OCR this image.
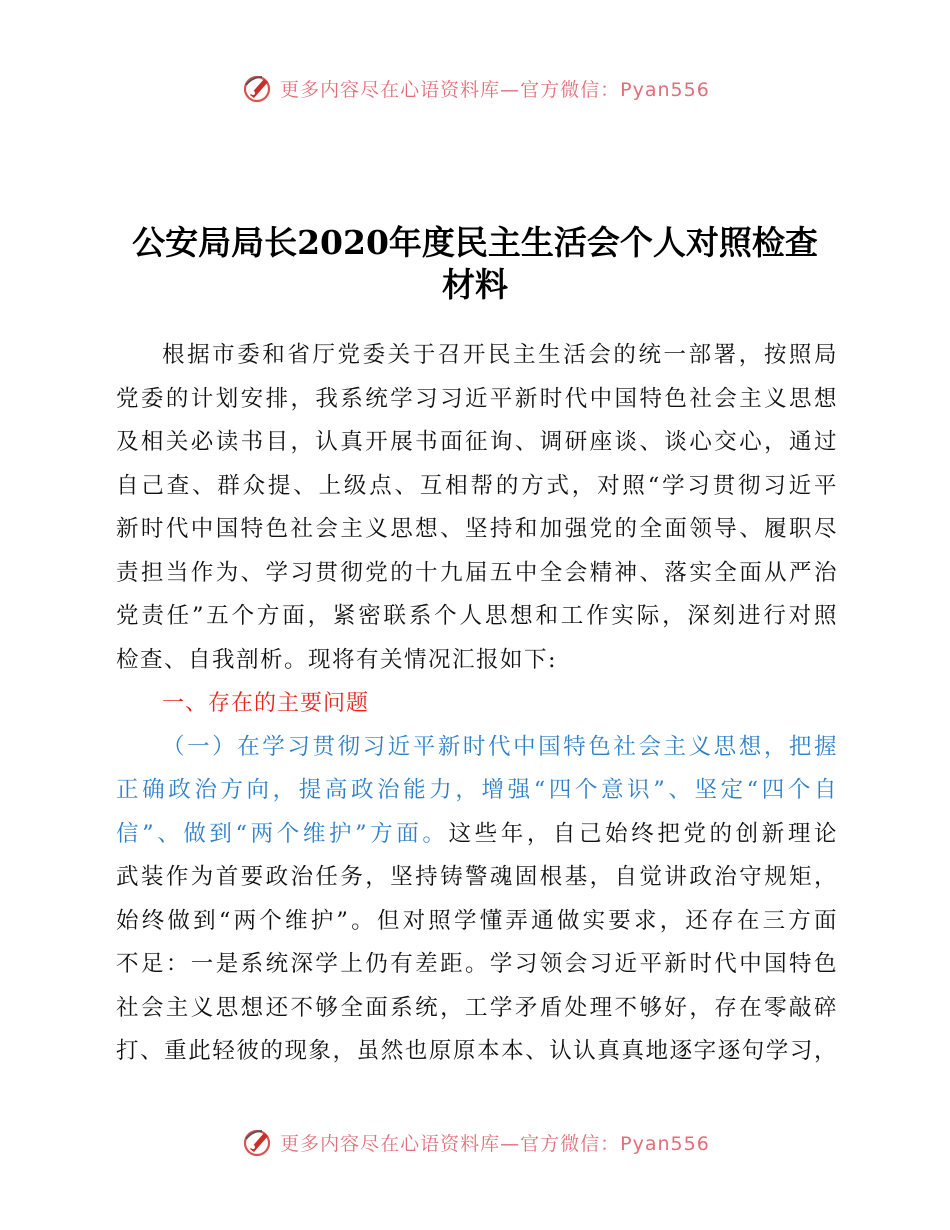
更多内容尽在心语资料库—官方微信：Pyan556
公安局局长2020年度民主生活会个人对照检查
材料
根据市委和省厅党委关于召开民主生活会的统一部署，按照局
党委的计划安排，我系统学习习近平新时代中国特色社会主义思想
及相关必读书目，认真开展书面征询、调研座谈、谈心交心，通过
自己查、群众提、上级点、互相帮的方式，对照“学习贯彻习近平
新时代中国特色社会主义思想、坚持和加强党的全面领导、履职尽
责担当作为、学习贯彻党的十九届五中全会精神、落实全面从严治
党责任”五个方面，紧密联系个人思想和工作实际，深刻进行对照
检查、自我剖析。现将有关情况汇报如下:
一、存在的主要问题
（一）在学习贯彻习近平新时代中国特色社会主义思想，把握
正确政治方向，提高政治能力，增强“四个意识”、坚定“四个自
信”、做到“两个维护”方面。这些年，自己始终把党的创新理论
武装作为首要政治任务，坚持铸警魂固根基，自觉讲政治守规矩，
始终做到“两个维护”。但对照学懂弄通做实要求，还存在三方面
不足：一是系统深学上仍有差距。学习领会习近平新时代中国特色
社会主义思想还不够全面系统，工学矛盾处理不够好，存在零敲碎
打、重此轻彼的现象，虽然也原原本本、认认真真地逐字逐句学习，
更多内容尽在心语资料库—官方微信：Pyan556
